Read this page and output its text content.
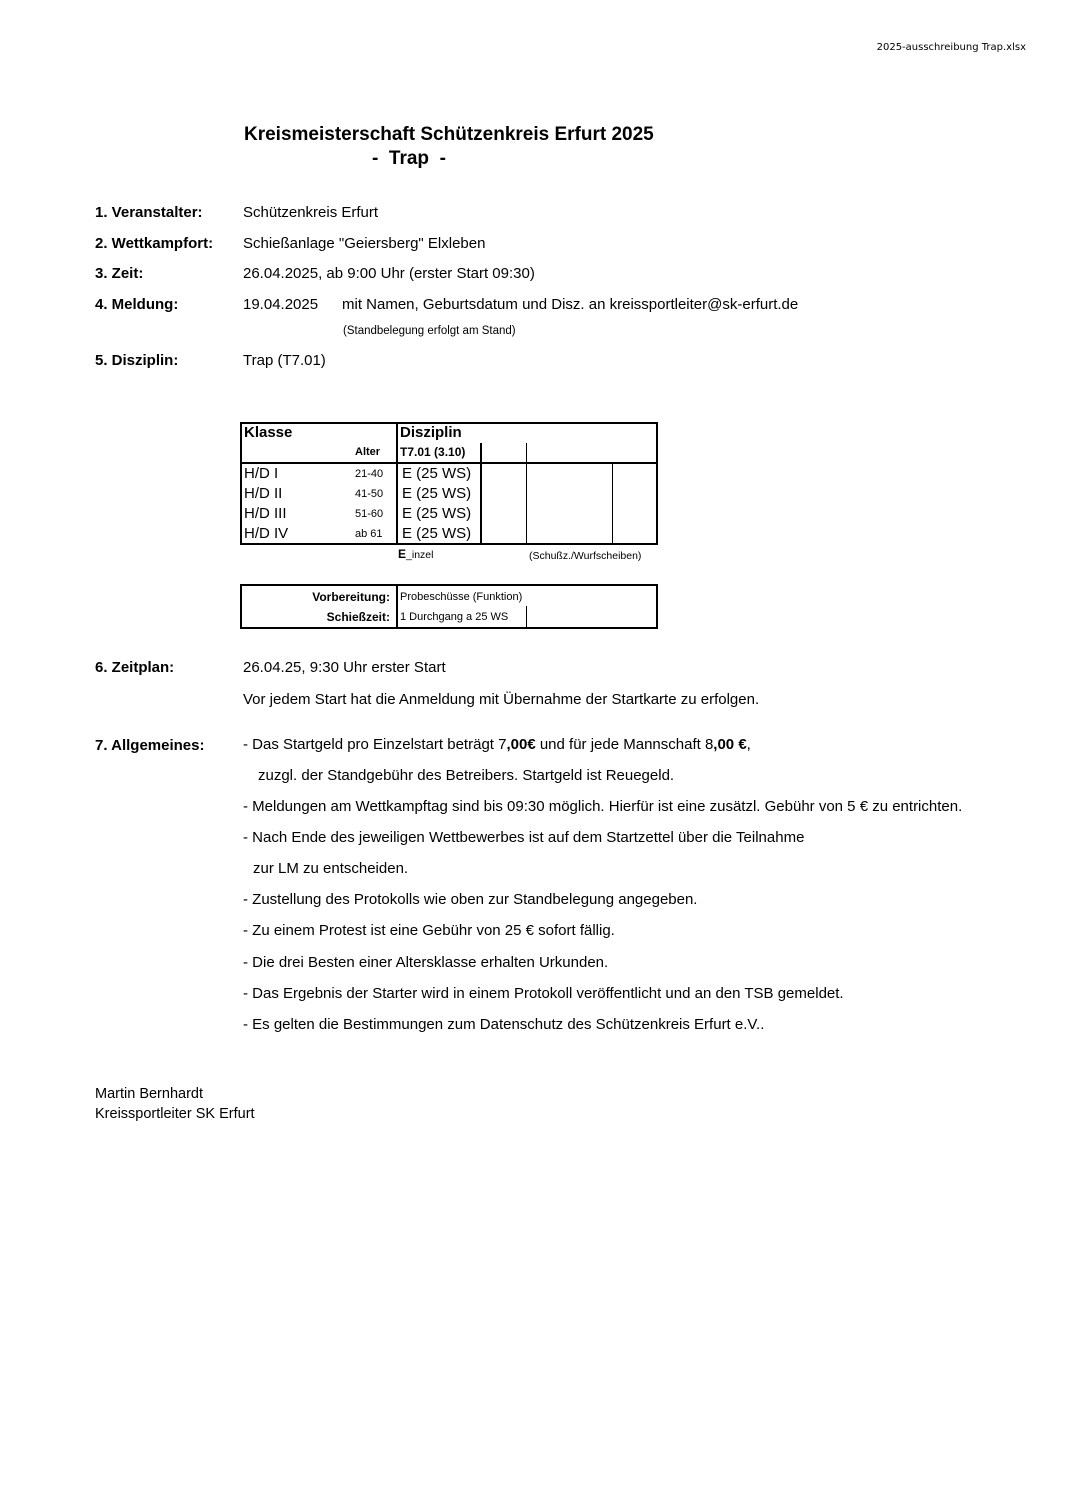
2025-ausschreibung Trap.xlsx
Kreismeisterschaft Schützenkreis Erfurt 2025
-  Trap  -
1. Veranstalter:	Schützenkreis Erfurt
2. Wettkampfort: Schießanlage "Geiersberg" Elxleben
3. Zeit:	26.04.2025, ab 9:00 Uhr (erster Start 09:30)
4. Meldung:	19.04.2025 mit Namen, Geburtsdatum und Disz. an kreissportleiter@sk-erfurt.de
(Standbelegung erfolgt am Stand)
5. Disziplin:	Trap (T7.01)
Klasse	Disziplin
Alter T7.01 (3.10)
H/D I	21-40 E (25 WS)
H/D II	41-50 E (25 WS)
H/D III	51-60 E (25 WS)
H/D IV	ab 61 E (25 WS)
E_inzel	(Schußz./Wurfscheiben)
Vorbereitung: Probeschüsse (Funktion)
Schießzeit: 1 Durchgang a 25 WS
6. Zeitplan:	26.04.25, 9:30 Uhr erster Start
Vor jedem Start hat die Anmeldung mit Übernahme der Startkarte zu erfolgen.
7. Allgemeines:	- Das Startgeld pro Einzelstart beträgt 7,00€ und für jede Mannschaft 8,00 €,
zuzgl. der Standgebühr des Betreibers. Startgeld ist Reuegeld.
- Meldungen am Wettkampftag sind bis 09:30 möglich. Hierfür ist eine zusätzl. Gebühr von 5 € zu entrichten.
- Nach Ende des jeweiligen Wettbewerbes ist auf dem Startzettel über die Teilnahme
zur LM zu entscheiden.
- Zustellung des Protokolls wie oben zur Standbelegung angegeben.
- Zu einem Protest ist eine Gebühr von 25 € sofort fällig.
- Die drei Besten einer Altersklasse erhalten Urkunden.
- Das Ergebnis der Starter wird in einem Protokoll veröffentlicht und an den TSB gemeldet.
- Es gelten die Bestimmungen zum Datenschutz des Schützenkreis Erfurt e.V..
Martin Bernhardt
Kreissportleiter SK Erfurt
